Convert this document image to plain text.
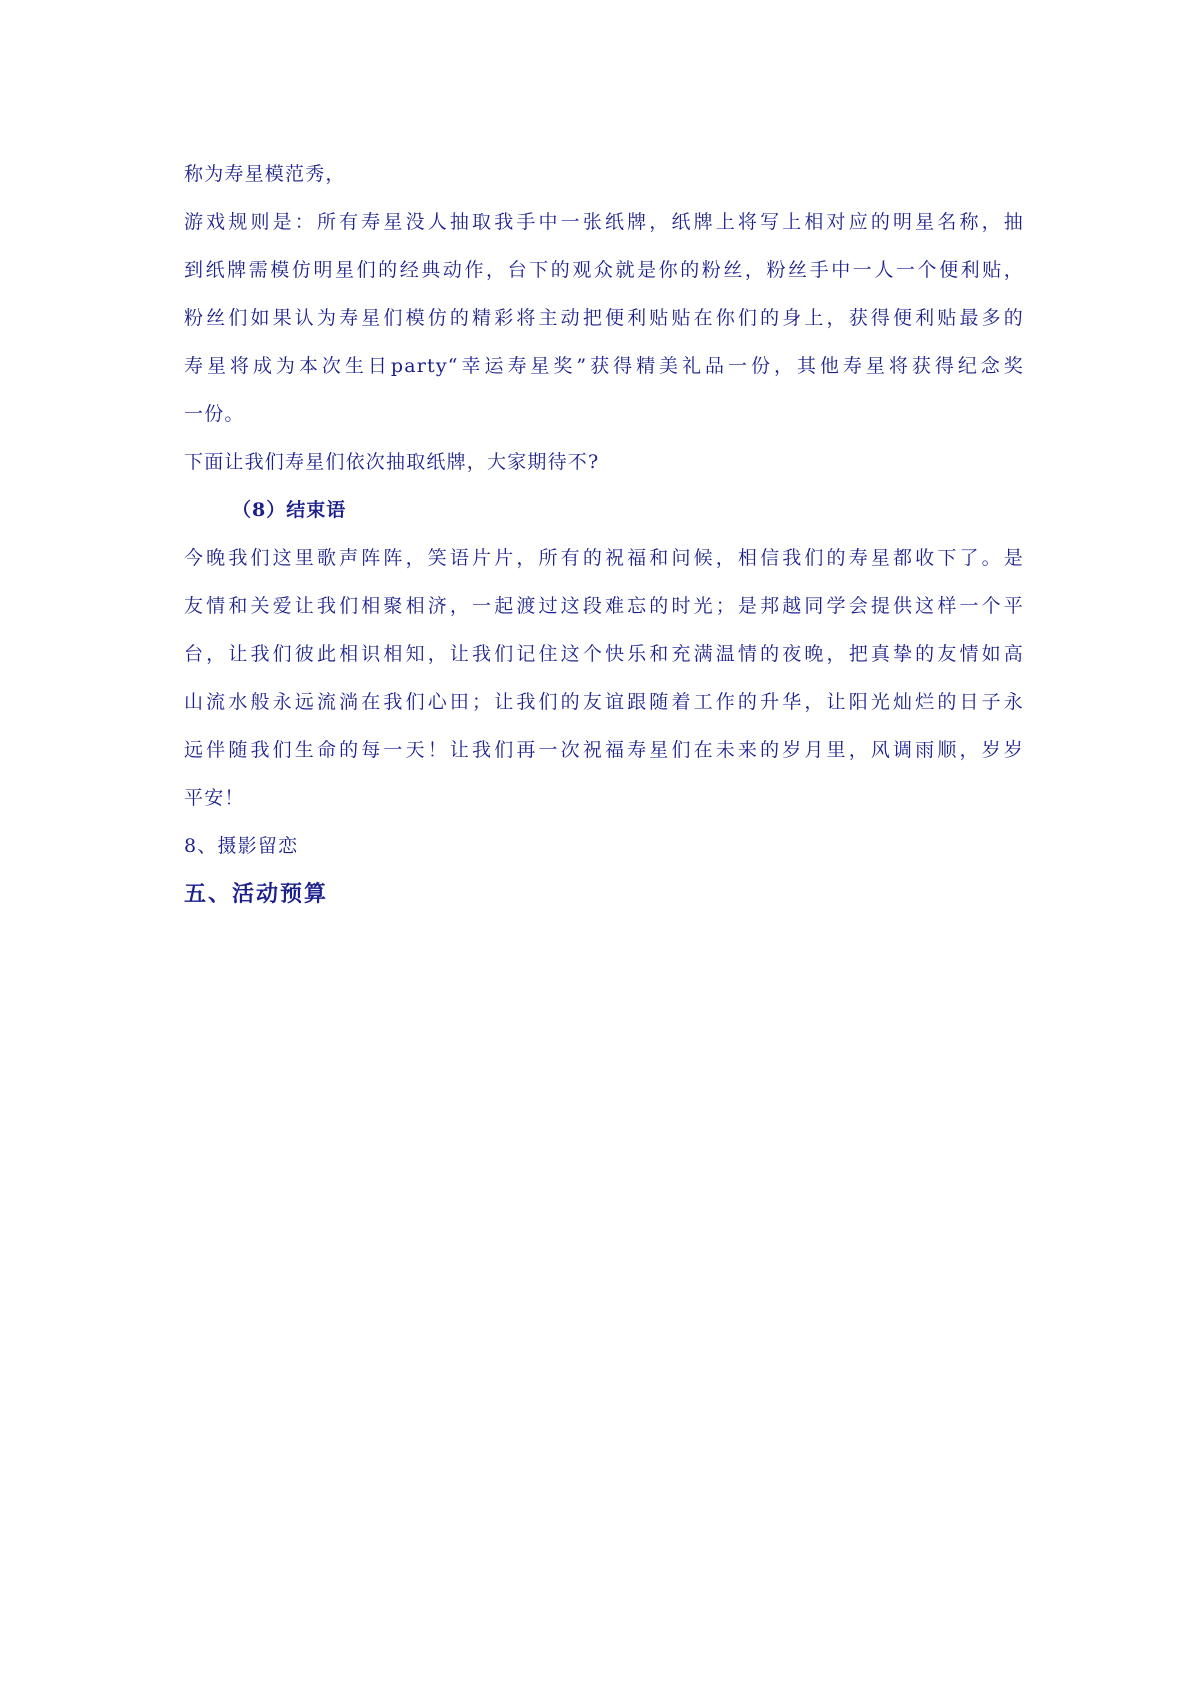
称为寿星模范秀，
游戏规则是：所有寿星没人抽取我手中一张纸牌，纸牌上将写上相对应的明星名称，抽
到纸牌需模仿明星们的经典动作，台下的观众就是你的粉丝，粉丝手中一人一个便利贴，
粉丝们如果认为寿星们模仿的精彩将主动把便利贴贴在你们的身上，获得便利贴最多的
寿星将成为本次生日party“幸运寿星奖”获得精美礼品一份，其他寿星将获得纪念奖
一份。
下面让我们寿星们依次抽取纸牌，大家期待不?
（8）结束语
今晚我们这里歌声阵阵，笑语片片，所有的祝福和问候，相信我们的寿星都收下了。是
友情和关爱让我们相聚相济，一起渡过这段难忘的时光；是邦越同学会提供这样一个平
台，让我们彼此相识相知，让我们记住这个快乐和充满温情的夜晚，把真挚的友情如高
山流水般永远流淌在我们心田；让我们的友谊跟随着工作的升华，让阳光灿烂的日子永
远伴随我们生命的每一天！让我们再一次祝福寿星们在未来的岁月里，风调雨顺，岁岁
平安！
8、摄影留恋
五、活动预算
